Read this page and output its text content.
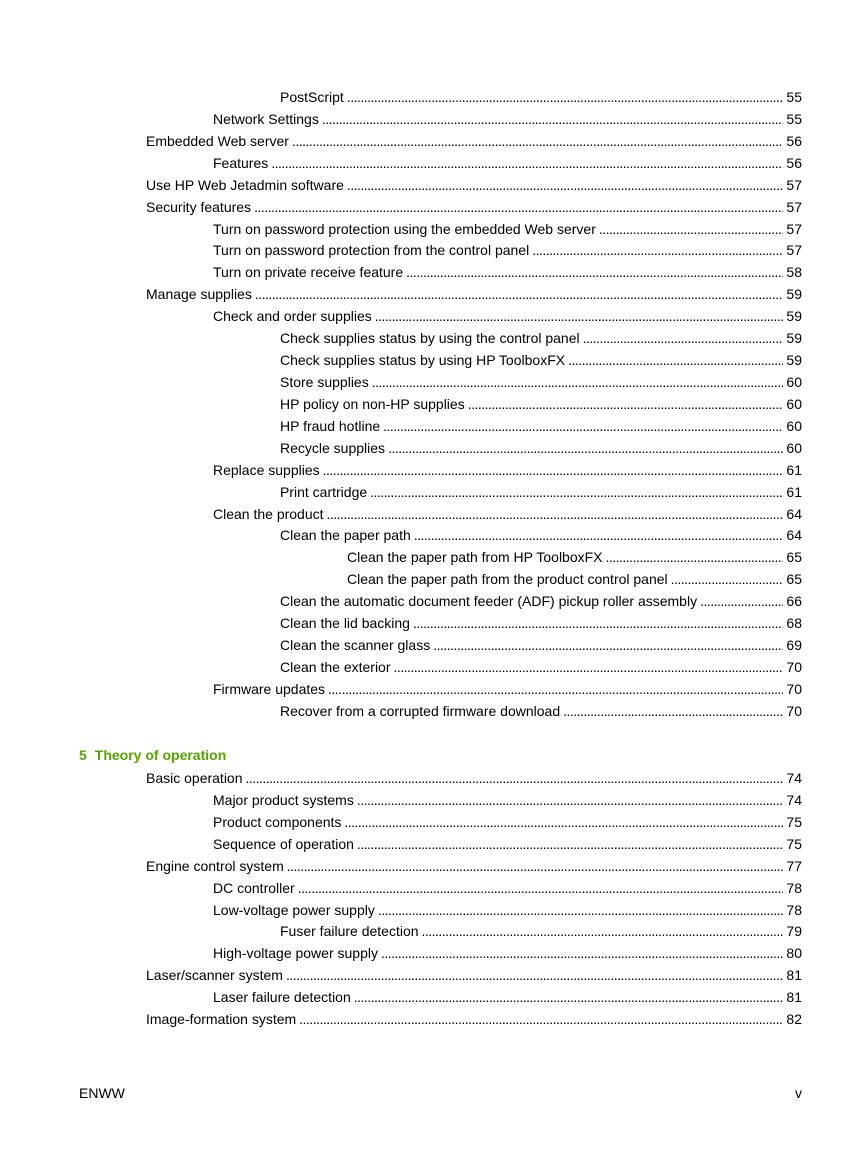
PostScript . . .	55
Network Settings . . .	55
Embedded Web server . . .	56
Features . . .	56
Use HP Web Jetadmin software . . .	57
Security features . . .	57
Turn on password protection using the embedded Web server . . .	57
Turn on password protection from the control panel . . .	57
Turn on private receive feature . . .	58
Manage supplies . . .	59
Check and order supplies . . .	59
Check supplies status by using the control panel . . .	59
Check supplies status by using HP ToolboxFX . . .	59
Store supplies . . .	60
HP policy on non-HP supplies . . .	60
HP fraud hotline . . .	60
Recycle supplies . . .	60
Replace supplies . . .	61
Print cartridge . . .	61
Clean the product . . .	64
Clean the paper path . . .	64
Clean the paper path from HP ToolboxFX . . .	65
Clean the paper path from the product control panel . . .	65
Clean the automatic document feeder (ADF) pickup roller assembly . . .	66
Clean the lid backing . . .	68
Clean the scanner glass . . .	69
Clean the exterior . . .	70
Firmware updates . . .	70
Recover from a corrupted firmware download . . .	70
5 Theory of operation
Basic operation . . .	74
Major product systems . . .	74
Product components . . .	75
Sequence of operation . . .	75
Engine control system . . .	77
DC controller . . .	78
Low-voltage power supply . . .	78
Fuser failure detection . . .	79
High-voltage power supply . . .	80
Laser/scanner system . . .	81
Laser failure detection . . .	81
Image-formation system . . .	82
ENWW	v
